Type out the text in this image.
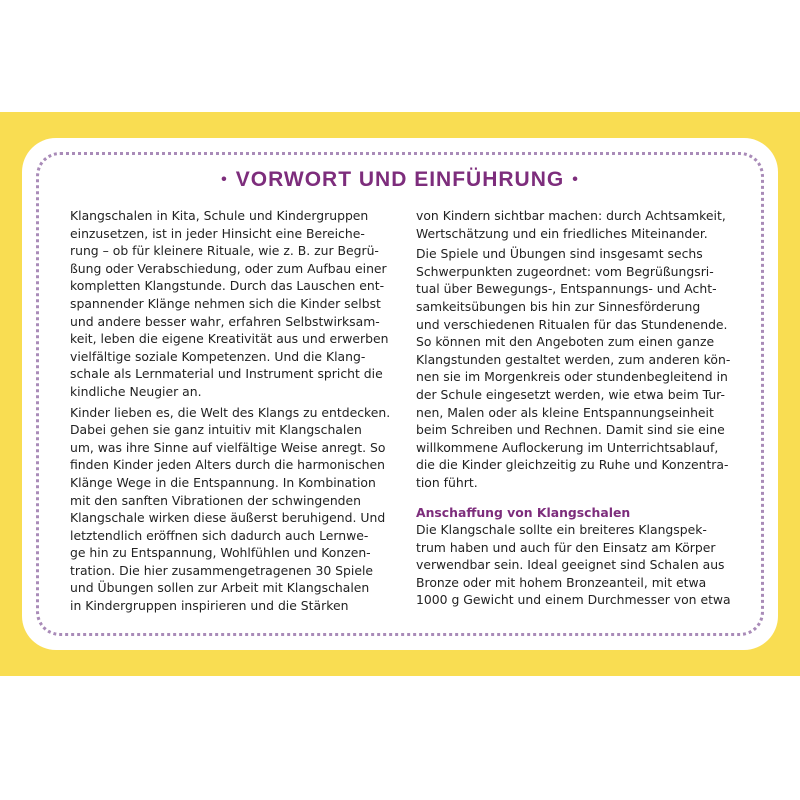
• VORWORT UND EINFÜHRUNG •
Klangschalen in Kita, Schule und Kindergruppen
einzusetzen, ist in jeder Hinsicht eine Bereiche-
rung – ob für kleinere Rituale, wie z. B. zur Begrü-
ßung oder Verabschiedung, oder zum Aufbau einer
kompletten Klangstunde. Durch das Lauschen ent-
spannender Klänge nehmen sich die Kinder selbst
und andere besser wahr, erfahren Selbstwirksam-
keit, leben die eigene Kreativität aus und erwerben
vielfältige soziale Kompetenzen. Und die Klang-
schale als Lernmaterial und Instrument spricht die
kindliche Neugier an.
Kinder lieben es, die Welt des Klangs zu entdecken.
Dabei gehen sie ganz intuitiv mit Klangschalen
um, was ihre Sinne auf vielfältige Weise anregt. So
finden Kinder jeden Alters durch die harmonischen
Klänge Wege in die Entspannung. In Kombination
mit den sanften Vibrationen der schwingenden
Klangschale wirken diese äußerst beruhigend. Und
letztendlich eröffnen sich dadurch auch Lernwe-
ge hin zu Entspannung, Wohlfühlen und Konzen-
tration. Die hier zusammengetragenen 30 Spiele
und Übungen sollen zur Arbeit mit Klangschalen
in Kindergruppen inspirieren und die Stärken
von Kindern sichtbar machen: durch Achtsamkeit,
Wertschätzung und ein friedliches Miteinander.
Die Spiele und Übungen sind insgesamt sechs
Schwerpunkten zugeordnet: vom Begrüßungsri-
tual über Bewegungs-, Entspannungs- und Acht-
samkeitsübungen bis hin zur Sinnesförderung
und verschiedenen Ritualen für das Stundenende.
So können mit den Angeboten zum einen ganze
Klangstunden gestaltet werden, zum anderen kön-
nen sie im Morgenkreis oder stundenbegleitend in
der Schule eingesetzt werden, wie etwa beim Tur-
nen, Malen oder als kleine Entspannungseinheit
beim Schreiben und Rechnen. Damit sind sie eine
willkommene Auflockerung im Unterrichtsablauf,
die die Kinder gleichzeitig zu Ruhe und Konzentra-
tion führt.
Anschaffung von Klangschalen
Die Klangschale sollte ein breiteres Klangspek-
trum haben und auch für den Einsatz am Körper
verwendbar sein. Ideal geeignet sind Schalen aus
Bronze oder mit hohem Bronzeanteil, mit etwa
1000 g Gewicht und einem Durchmesser von etwa
